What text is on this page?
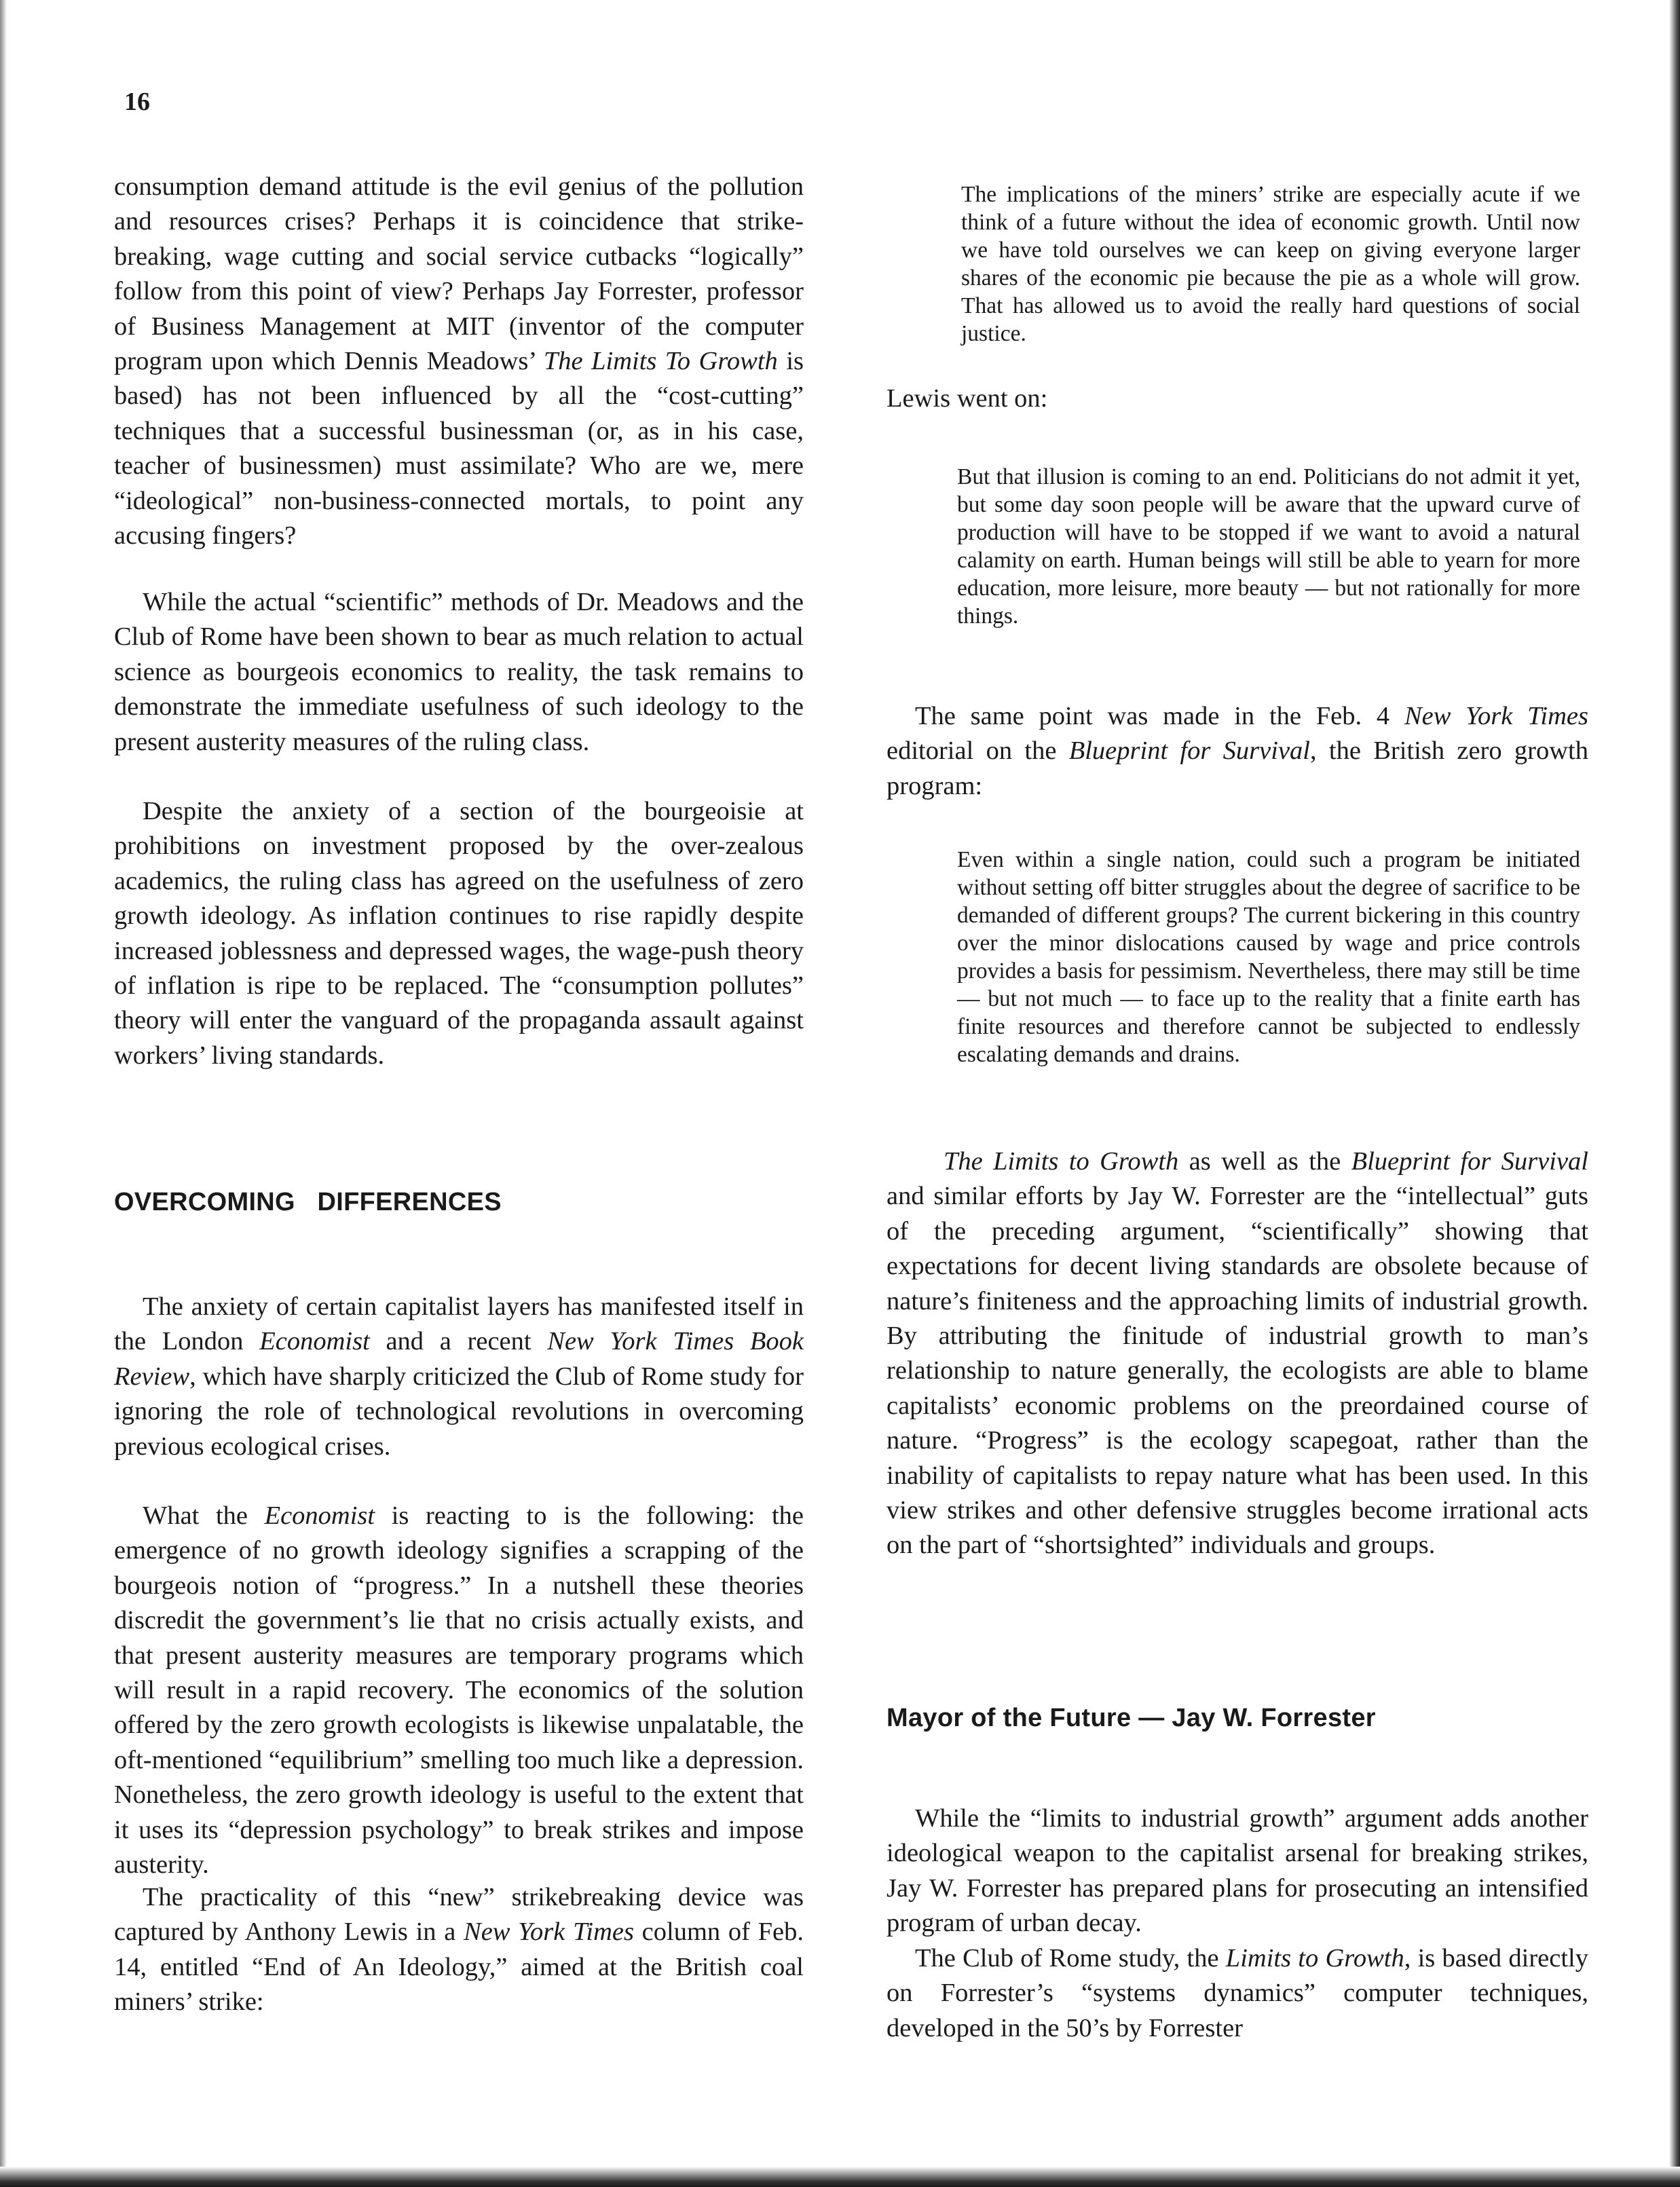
16

consumption demand attitude is the evil genius of the pollution and resources crises? Perhaps it is coincidence that strike-breaking, wage cutting and social service cutbacks “logically” follow from this point of view? Perhaps Jay Forrester, professor of Business Management at MIT (inventor of the computer program upon which Dennis Meadows’ The Limits To Growth is based) has not been influenced by all the “cost-cutting” techniques that a successful businessman (or, as in his case, teacher of businessmen) must assimilate? Who are we, mere “ideological” non-business-connected mortals, to point any accusing fingers?

While the actual “scientific” methods of Dr. Meadows and the Club of Rome have been shown to bear as much relation to actual science as bourgeois economics to reality, the task remains to demonstrate the immediate usefulness of such ideology to the present austerity measures of the ruling class.

Despite the anxiety of a section of the bourgeoisie at prohibitions on investment proposed by the over-zealous academics, the ruling class has agreed on the usefulness of zero growth ideology. As inflation continues to rise rapidly despite increased joblessness and depressed wages, the wage-push theory of inflation is ripe to be replaced. The “consumption pollutes” theory will enter the vanguard of the propaganda assault against workers’ living standards.

OVERCOMING   DIFFERENCES

The anxiety of certain capitalist layers has manifested itself in the London Economist and a recent New York Times Book Review, which have sharply criticized the Club of Rome study for ignoring the role of technological revolutions in overcoming previous ecological crises.

What the Economist is reacting to is the following: the emergence of no growth ideology signifies a scrapping of the bourgeois notion of “progress.” In a nutshell these theories discredit the government’s lie that no crisis actually exists, and that present austerity measures are temporary programs which will result in a rapid recovery. The economics of the solution offered by the zero growth ecologists is likewise unpalatable, the oft-mentioned “equilibrium” smelling too much like a depression. Nonetheless, the zero growth ideology is useful to the extent that it uses its “depression psychology” to break strikes and impose austerity.

The practicality of this “new” strikebreaking device was captured by Anthony Lewis in a New York Times column of Feb. 14, entitled “End of An Ideology,” aimed at the British coal miners’ strike:

The implications of the miners’ strike are especially acute if we think of a future without the idea of economic growth. Until now we have told ourselves we can keep on giving everyone larger shares of the economic pie because the pie as a whole will grow. That has allowed us to avoid the really hard questions of social justice.

Lewis went on:

But that illusion is coming to an end. Politicians do not admit it yet, but some day soon people will be aware that the upward curve of production will have to be stopped if we want to avoid a natural calamity on earth. Human beings will still be able to yearn for more education, more leisure, more beauty — but not rationally for more things.

The same point was made in the Feb. 4 New York Times editorial on the Blueprint for Survival, the British zero growth program:

Even within a single nation, could such a program be initiated without setting off bitter struggles about the degree of sacrifice to be demanded of different groups? The current bickering in this country over the minor dislocations caused by wage and price controls provides a basis for pessimism. Nevertheless, there may still be time — but not much — to face up to the reality that a finite earth has finite resources and therefore cannot be subjected to endlessly escalating demands and drains.

The Limits to Growth as well as the Blueprint for Survival and similar efforts by Jay W. Forrester are the “intellectual” guts of the preceding argument, “scientifically” showing that expectations for decent living standards are obsolete because of nature’s finiteness and the approaching limits of industrial growth. By attributing the finitude of industrial growth to man’s relationship to nature generally, the ecologists are able to blame capitalists’ economic problems on the preordained course of nature. “Progress” is the ecology scapegoat, rather than the inability of capitalists to repay nature what has been used. In this view strikes and other defensive struggles become irrational acts on the part of “shortsighted” individuals and groups.

Mayor of the Future — Jay W. Forrester

While the “limits to industrial growth” argument adds another ideological weapon to the capitalist arsenal for breaking strikes, Jay W. Forrester has prepared plans for prosecuting an intensified program of urban decay.

The Club of Rome study, the Limits to Growth, is based directly on Forrester’s “systems dynamics” computer techniques, developed in the 50’s by Forrester
